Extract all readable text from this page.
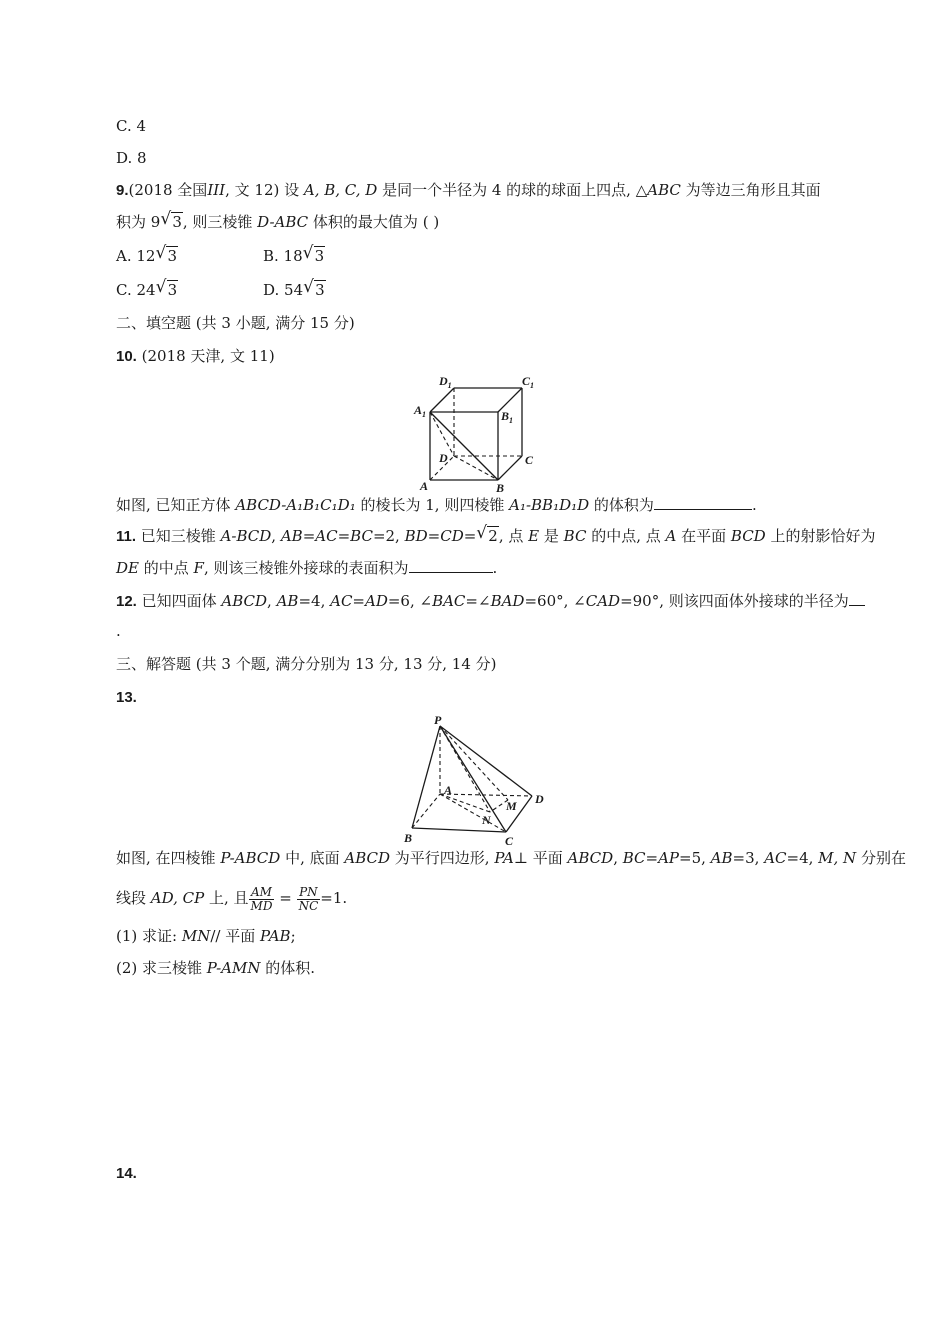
C. 4
D. 8
9.(2018 全国III, 文 12) 设 A, B, C, D 是同一个半径为 4 的球的球面上四点, △ABC 为等边三角形且其面
积为 9 √ 3, 则三棱锥 D-ABC 体积的最大值为 ( )
A. 12 √ 3	B. 18 √ 3
C. 24 √ 3	D. 54 √ 3
二、填空题 (共 3 小题, 满分 15 分)
10. (2018 天津, 文 11)
$D_1$	$C_1$
$A_1$	$B_1$
D	C
A	B
如图, 已知正方体 ABCD-A₁B₁C₁D₁ 的棱长为 1, 则四棱锥 A₁-BB₁D₁D 的体积为	.
11. 已知三棱锥 A-BCD, AB=AC=BC=2, BD=CD= √ 2, 点 E 是 BC 的中点, 点 A 在平面 BCD 上的射影恰好为
DE 的中点 F, 则该三棱锥外接球的表面积为	.
12. 已知四面体 ABCD, AB=4, AC=AD=6, ∠BAC=∠BAD=60°, ∠CAD=90°, 则该四面体外接球的半径为
.
三、解答题 (共 3 个题, 满分分别为 13 分, 13 分, 14 分)
13.
P
A
M D
N
B	C
如图, 在四棱锥 P-ABCD 中, 底面 ABCD 为平行四边形, PA⊥ 平面 ABCD, BC=AP=5, AB=3, AC=4, M, N 分别在
线段 AD, CP 上, 且 $\frac{AM}{MD} = \frac{PN}{NC} =1$.
(1) 求证: MN// 平面 PAB;
(2) 求三棱锥 P-AMN 的体积.
14.
